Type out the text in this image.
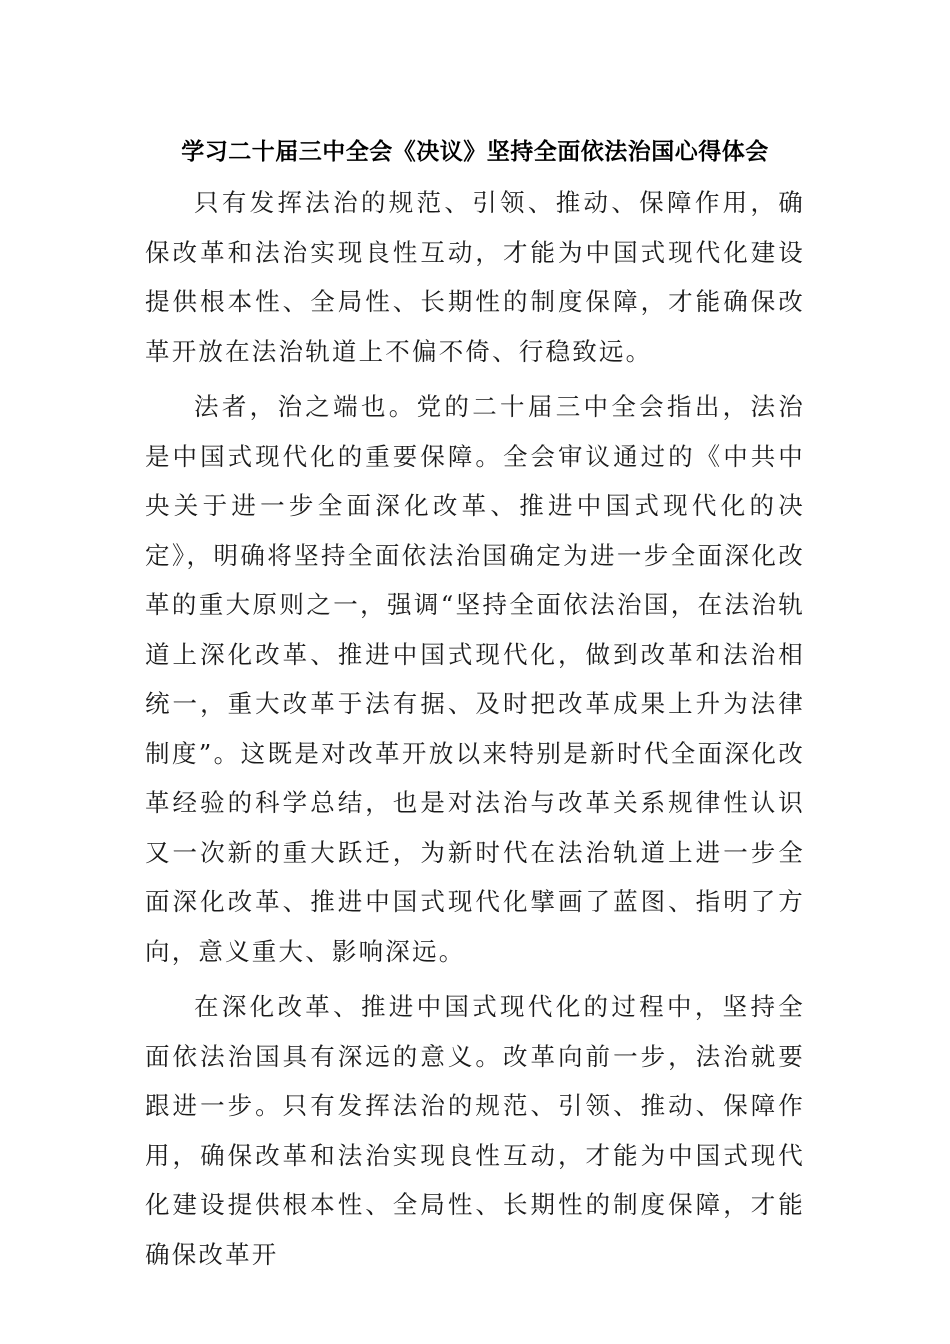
学习二十届三中全会《决议》坚持全面依法治国心得体会

只有发挥法治的规范、引领、推动、保障作用，确保改革和法治实现良性互动，才能为中国式现代化建设提供根本性、全局性、长期性的制度保障，才能确保改革开放在法治轨道上不偏不倚、行稳致远。

法者，治之端也。党的二十届三中全会指出，法治是中国式现代化的重要保障。全会审议通过的《中共中央关于进一步全面深化改革、推进中国式现代化的决定》，明确将坚持全面依法治国确定为进一步全面深化改革的重大原则之一，强调“坚持全面依法治国，在法治轨道上深化改革、推进中国式现代化，做到改革和法治相统一，重大改革于法有据、及时把改革成果上升为法律制度”。这既是对改革开放以来特别是新时代全面深化改革经验的科学总结，也是对法治与改革关系规律性认识又一次新的重大跃迁，为新时代在法治轨道上进一步全面深化改革、推进中国式现代化擘画了蓝图、指明了方向，意义重大、影响深远。

在深化改革、推进中国式现代化的过程中，坚持全面依法治国具有深远的意义。改革向前一步，法治就要跟进一步。只有发挥法治的规范、引领、推动、保障作用，确保改革和法治实现良性互动，才能为中国式现代化建设提供根本性、全局性、长期性的制度保障，才能确保改革开
